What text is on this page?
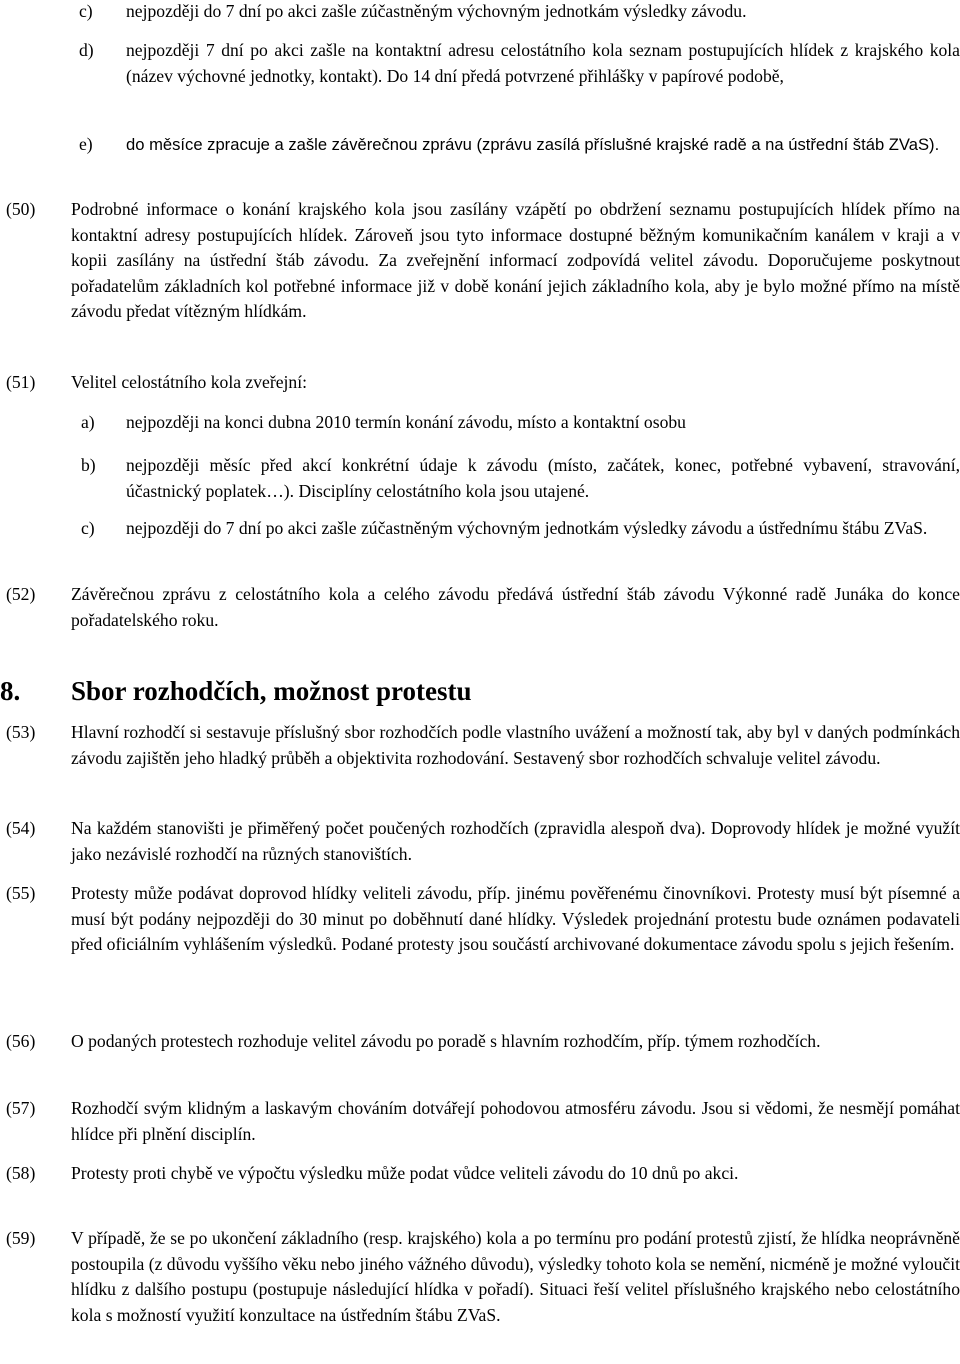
c) nejpozději do 7 dní po akci zašle zúčastněným výchovným jednotkám výsledky závodu.
d) nejpozději 7 dní po akci zašle na kontaktní adresu celostátního kola seznam postupujících hlídek z krajského kola (název výchovné jednotky, kontakt). Do 14 dní předá potvrzené přihlášky v papírové podobě,
e) do měsíce zpracuje a zašle závěrečnou zprávu (zprávu zasílá příslušné krajské radě a na ústřední štáb ZVaS).
(50) Podrobné informace o konání krajského kola jsou zasílány vzápětí po obdržení seznamu postupujících hlídek přímo na kontaktní adresy postupujících hlídek. Zároveň jsou tyto informace dostupné běžným komunikačním kanálem v kraji a v kopii zasílány na ústřední štáb závodu. Za zveřejnění informací zodpovídá velitel závodu. Doporučujeme poskytnout pořadatelům základních kol potřebné informace již v době konání jejich základního kola, aby je bylo možné přímo na místě závodu předat vítězným hlídkám.
(51) Velitel celostátního kola zveřejní:
a) nejpozději na konci dubna 2010 termín konání závodu, místo a kontaktní osobu
b) nejpozději měsíc před akcí konkrétní údaje k závodu (místo, začátek, konec, potřebné vybavení, stravování, účastnický poplatek…). Disciplíny celostátního kola jsou utajené.
c) nejpozději do 7 dní po akci zašle zúčastněným výchovným jednotkám výsledky závodu a ústřednímu štábu ZVaS.
(52) Závěrečnou zprávu z celostátního kola a celého závodu předává ústřední štáb závodu Výkonné radě Junáka do konce pořadatelského roku.
8. Sbor rozhodčích, možnost protestu
(53) Hlavní rozhodčí si sestavuje příslušný sbor rozhodčích podle vlastního uvážení a možností tak, aby byl v daných podmínkách závodu zajištěn jeho hladký průběh a objektivita rozhodování. Sestavený sbor rozhodčích schvaluje velitel závodu.
(54) Na každém stanovišti je přiměřený počet poučených rozhodčích (zpravidla alespoň dva). Doprovody hlídek je možné využít jako nezávislé rozhodčí na různých stanovištích.
(55) Protesty může podávat doprovod hlídky veliteli závodu, příp. jinému pověřenému činovníkovi. Protesty musí být písemné a musí být podány nejpozději do 30 minut po doběhnutí dané hlídky. Výsledek projednání protestu bude oznámen podavateli před oficiálním vyhlášením výsledků. Podané protesty jsou součástí archivované dokumentace závodu spolu s jejich řešením.
(56) O podaných protestech rozhoduje velitel závodu po poradě s hlavním rozhodčím, příp. týmem rozhodčích.
(57) Rozhodčí svým klidným a laskavým chováním dotvářejí pohodovou atmosféru závodu. Jsou si vědomi, že nesmějí pomáhat hlídce při plnění disciplín.
(58) Protesty proti chybě ve výpočtu výsledku může podat vůdce veliteli závodu do 10 dnů po akci.
(59) V případě, že se po ukončení základního (resp. krajského) kola a po termínu pro podání protestů zjistí, že hlídka neoprávněně postoupila (z důvodu vyššího věku nebo jiného vážného důvodu), výsledky tohoto kola se nemění, nicméně je možné vyloučit hlídku z dalšího postupu (postupuje následující hlídka v pořadí). Situaci řeší velitel příslušného krajského nebo celostátního kola s možností využití konzultace na ústředním štábu ZVaS.
